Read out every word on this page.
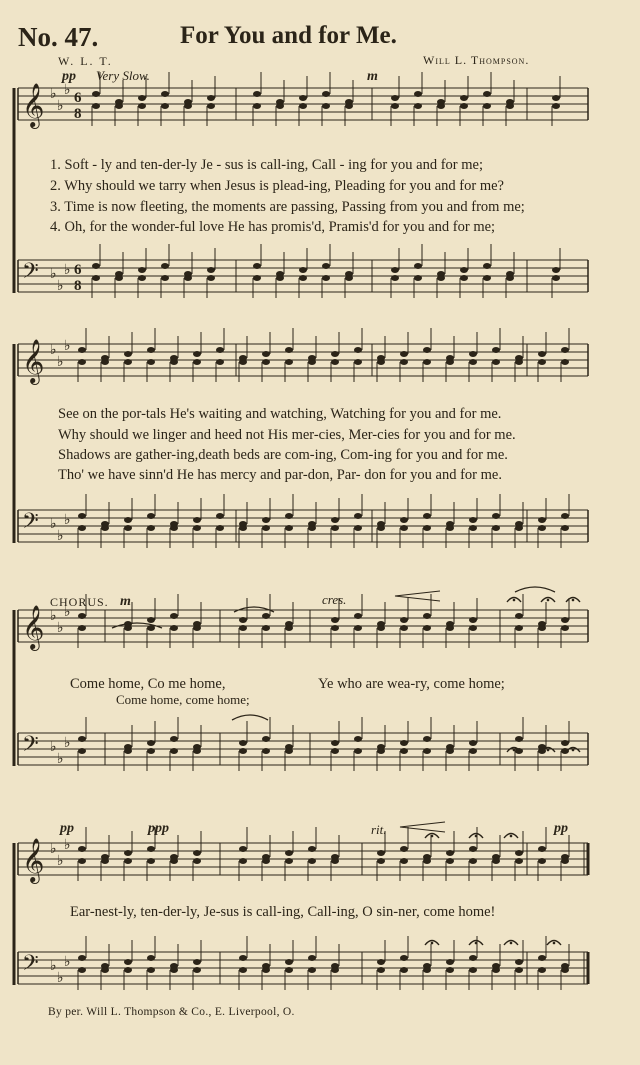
No. 47.	For You and for Me.
W. L. T.	Will L. Thompson.
pp Very Slow.	m
1. Soft - ly and ten-der-ly Je - sus is call-ing, Call - ing for you and for me;
2. Why should we tarry when Jesus is plead-ing, Pleading for you and for me?
3. Time is now fleeting, the moments are passing, Passing from you and from me;
4. Oh, for the wonder-ful love He has promis'd, Pramis'd for you and for me;
See on the por-tals He's waiting and watching, Watching for you and for me.
Why should we linger and heed not His mer-cies, Mer-cies for you and for me.
Shadows are gather-ing,death beds are com-ing, Com-ing for you and for me.
Tho' we have sinn'd He has mercy and par-don, Par- don for you and for me.
CHORUS. m	cres.
Come home, Co me home,	Ye who are wea-ry, come home;
Come home, come home;
pp	ppp	rit.	pp
Ear-nest-ly, ten-der-ly, Je-sus is call-ing, Call-ing, O sin-ner, come home!
By per. Will L. Thompson & Co., E. Liverpool, O.
𝄞 ♭
♭
♭ 6
8
𝄢 ♭
♭
♭ 6
8
𝄞 ♭
♭
♭
𝄢 ♭
♭
♭
𝄞 ♭
♭
♭
𝄢 ♭
♭
♭
𝄞 ♭
♭
♭
𝄢 ♭
♭
♭
